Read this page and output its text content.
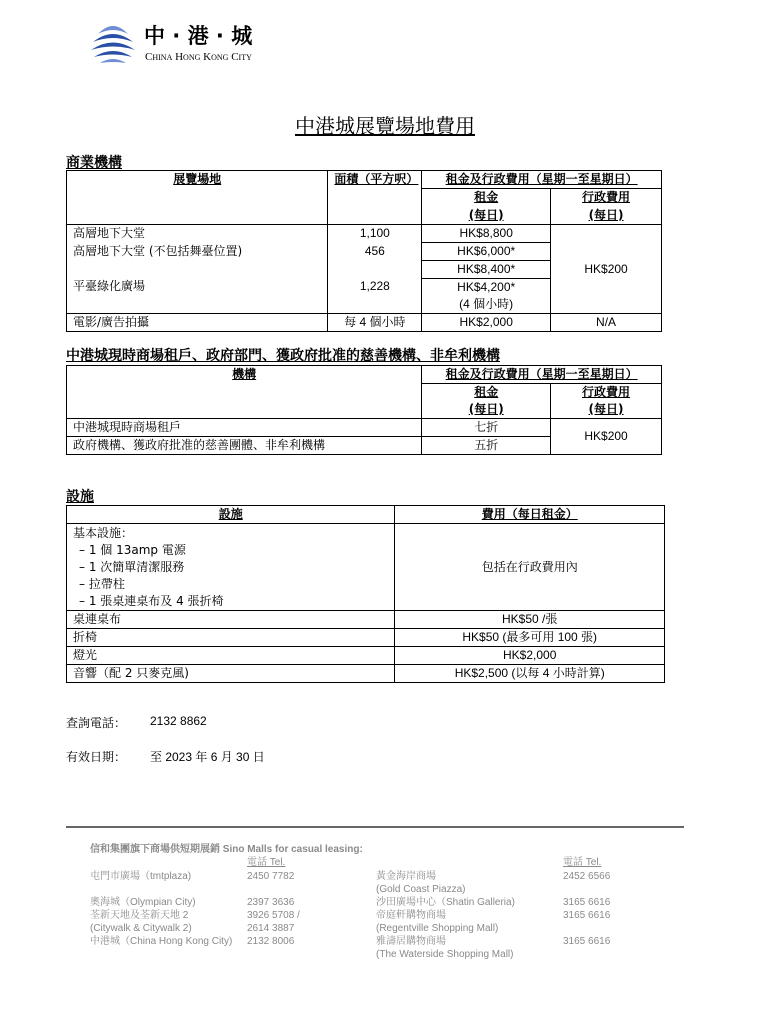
中 · 港 · 城
CHINA HONG KONG CITY
中港城展覽場地費用
商業機構
展覽場地	面積（平方呎）	租金及行政費用（星期一至星期日）	
		租金	行政費用
		(每日)	(每日)
高層地下大堂	1,100	HK$8,800	HK$200
高層地下大堂 (不包括舞臺位置)	456	HK$6,000*	
平臺綠化廣場	1,228	HK$8,400*	
		HK$4,200*	
		(4 個小時)	
電影/廣告拍攝	每 4 個小時	HK$2,000	N/A
中港城現時商場租戶、政府部門、獲政府批准的慈善機構、非牟利機構
機構	租金及行政費用（星期一至星期日）	
	租金	行政費用
	(每日)	(每日)
中港城現時商場租戶	七折	HK$200
政府機構、獲政府批准的慈善團體、非牟利機構	五折	
設施
設施	費用（每日租金）

基本設施：
– 1 個 13amp 電源
– 1 次簡單清潔服務
– 拉帶柱
– 1 張桌連桌布及 4 張折椅	包括在行政費用內
桌連桌布	HK$50 /張
折椅	HK$50 (最多可用 100 張)
燈光	HK$2,000
音響（配 2 只麥克風)	HK$2,500 (以每 4 小時計算)
查詢電話： 2132 8862
有效日期： 至 2023 年 6 月 30 日
信和集團旗下商場供短期展銷 Sino Malls for casual leasing:
電話 Tel.	電話 Tel.
屯門市廣場（tmtplaza)	2450 7782
奧海城（Olympian City)	2397 3636
荃新天地及荃新天地 2	3926 5708 /
(Citywalk & Citywalk 2)	2614 3887
中港城（China Hong Kong City) 2132 8006
黃金海岸商場	2452 6566
(Gold Coast Piazza)
沙田廣場中心（Shatin Galleria)	3165 6616
帝庭軒購物商場	3165 6616
(Regentville Shopping Mall)
雅濤居購物商場	3165 6616
(The Waterside Shopping Mall)
